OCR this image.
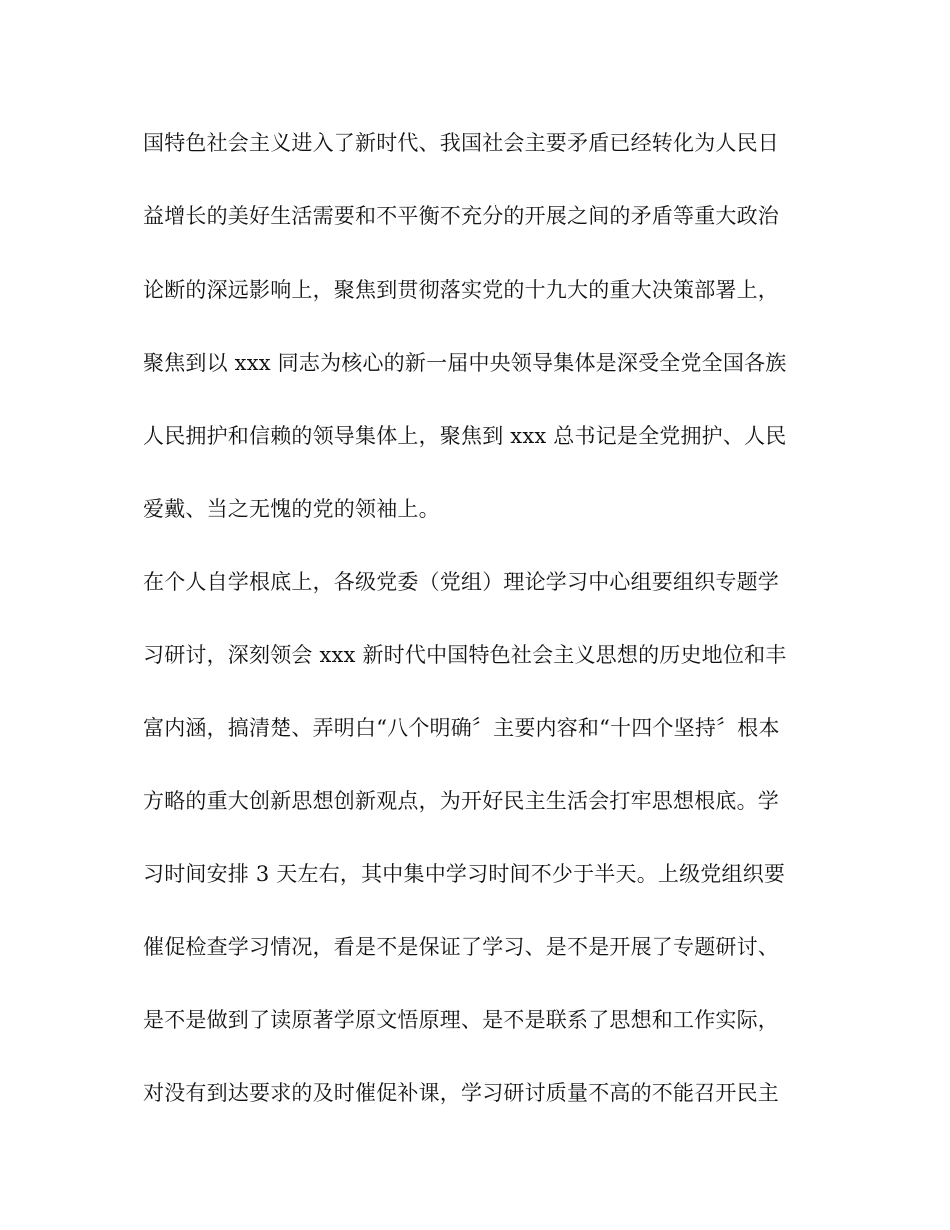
国特色社会主义进入了新时代、我国社会主要矛盾已经转化为人民日
益增长的美好生活需要和不平衡不充分的开展之间的矛盾等重大政治
论断的深远影响上，聚焦到贯彻落实党的十九大的重大决策部署上，
聚焦到以 xxx 同志为核心的新一届中央领导集体是深受全党全国各族
人民拥护和信赖的领导集体上，聚焦到 xxx 总书记是全党拥护、人民
爱戴、当之无愧的党的领袖上。
在个人自学根底上，各级党委（党组）理论学习中心组要组织专题学
习研讨，深刻领会 xxx 新时代中国特色社会主义思想的历史地位和丰
富内涵，搞清楚、弄明白“八个明确〞主要内容和“十四个坚持〞根本
方略的重大创新思想创新观点，为开好民主生活会打牢思想根底。学
习时间安排 3 天左右，其中集中学习时间不少于半天。上级党组织要
催促检查学习情况，看是不是保证了学习、是不是开展了专题研讨、
是不是做到了读原著学原文悟原理、是不是联系了思想和工作实际，
对没有到达要求的及时催促补课，学习研讨质量不高的不能召开民主
